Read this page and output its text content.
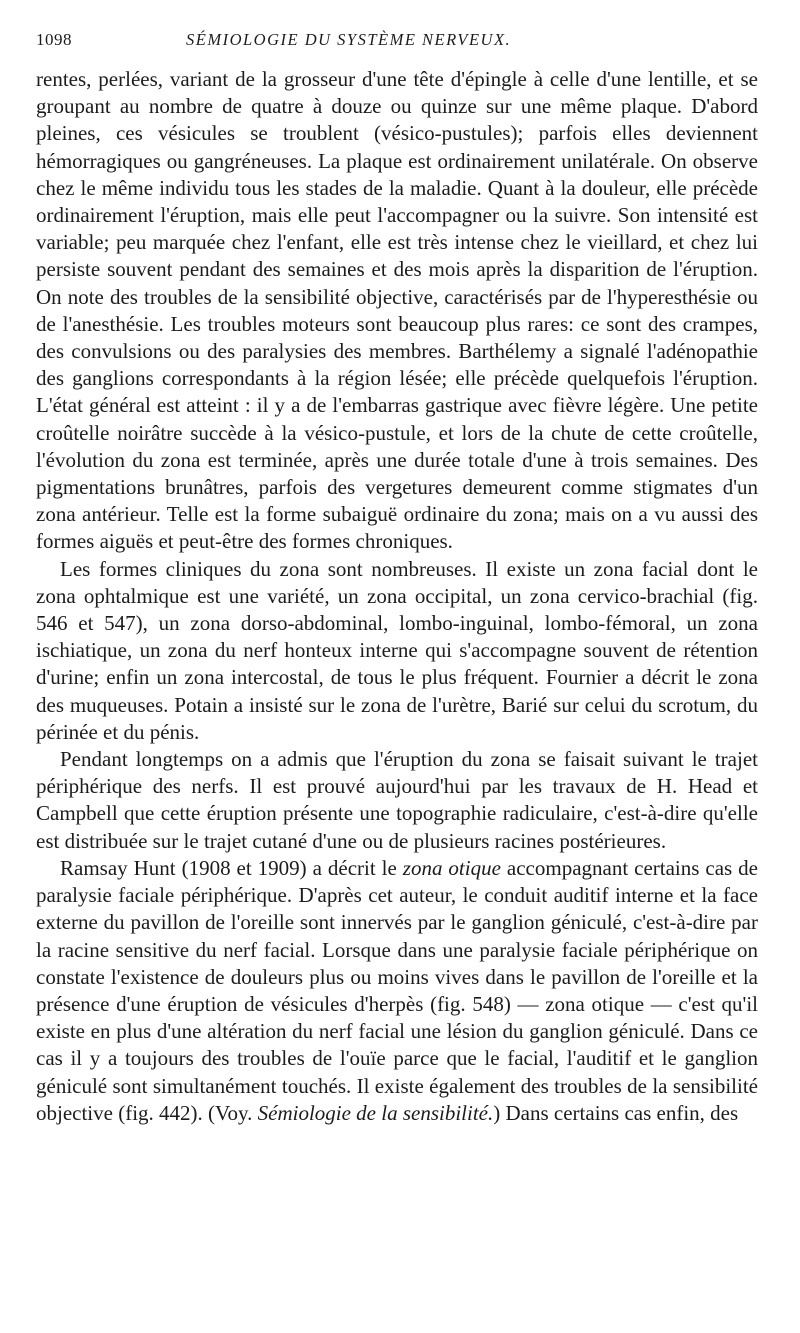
1098	SÉMIOLOGIE DU SYSTÈME NERVEUX.

rentes, perlées, variant de la grosseur d'une tête d'épingle à celle d'une lentille, et se groupant au nombre de quatre à douze ou quinze sur une même plaque. D'abord pleines, ces vésicules se troublent (vésico-pustules); parfois elles deviennent hémorragiques ou gangréneuses. La plaque est ordinairement unilatérale. On observe chez le même individu tous les stades de la maladie. Quant à la douleur, elle précède ordinairement l'éruption, mais elle peut l'accompagner ou la suivre. Son intensité est variable; peu marquée chez l'enfant, elle est très intense chez le vieillard, et chez lui persiste souvent pendant des semaines et des mois après la disparition de l'éruption. On note des troubles de la sensibilité objective, caractérisés par de l'hyperesthésie ou de l'anesthésie. Les troubles moteurs sont beaucoup plus rares: ce sont des crampes, des convulsions ou des paralysies des membres. Barthélemy a signalé l'adénopathie des ganglions correspondants à la région lésée; elle précède quelquefois l'éruption. L'état général est atteint : il y a de l'embarras gastrique avec fièvre légère. Une petite croûtelle noirâtre succède à la vésico-pustule, et lors de la chute de cette croûtelle, l'évolution du zona est terminée, après une durée totale d'une à trois semaines. Des pigmentations brunâtres, parfois des vergetures demeurent comme stigmates d'un zona antérieur. Telle est la forme subaiguë ordinaire du zona; mais on a vu aussi des formes aiguës et peut-être des formes chroniques.

Les formes cliniques du zona sont nombreuses. Il existe un zona facial dont le zona ophtalmique est une variété, un zona occipital, un zona cervico-brachial (fig. 546 et 547), un zona dorso-abdominal, lombo-inguinal, lombo-fémoral, un zona ischiatique, un zona du nerf honteux interne qui s'accompagne souvent de rétention d'urine; enfin un zona intercostal, de tous le plus fréquent. Fournier a décrit le zona des muqueuses. Potain a insisté sur le zona de l'urètre, Barié sur celui du scrotum, du périnée et du pénis.

Pendant longtemps on a admis que l'éruption du zona se faisait suivant le trajet périphérique des nerfs. Il est prouvé aujourd'hui par les travaux de H. Head et Campbell que cette éruption présente une topographie radiculaire, c'est-à-dire qu'elle est distribuée sur le trajet cutané d'une ou de plusieurs racines postérieures.

Ramsay Hunt (1908 et 1909) a décrit le zona otique accompagnant certains cas de paralysie faciale périphérique. D'après cet auteur, le conduit auditif interne et la face externe du pavillon de l'oreille sont innervés par le ganglion géniculé, c'est-à-dire par la racine sensitive du nerf facial. Lorsque dans une paralysie faciale périphérique on constate l'existence de douleurs plus ou moins vives dans le pavillon de l'oreille et la présence d'une éruption de vésicules d'herpès (fig. 548) — zona otique — c'est qu'il existe en plus d'une altération du nerf facial une lésion du ganglion géniculé. Dans ce cas il y a toujours des troubles de l'ouïe parce que le facial, l'auditif et le ganglion géniculé sont simultanément touchés. Il existe également des troubles de la sensibilité objective (fig. 442). (Voy. Sémiologie de la sensibilité.) Dans certains cas enfin, des
